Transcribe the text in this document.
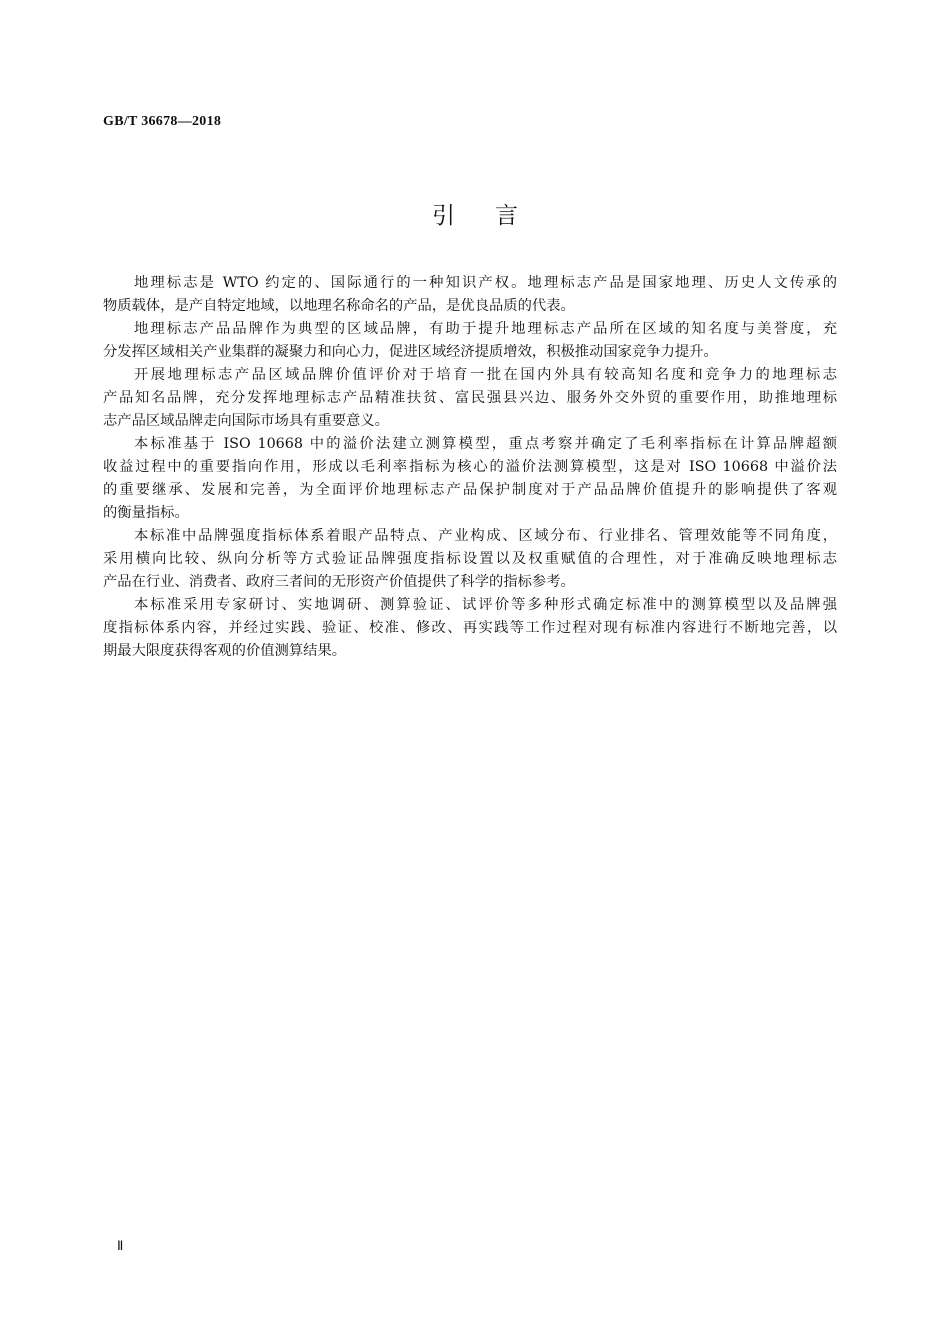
GB/T 36678—2018
引 言
地理标志是 WTO 约定的、国际通行的一种知识产权。地理标志产品是国家地理、历史人文传承的
物质载体，是产自特定地域，以地理名称命名的产品，是优良品质的代表。
地理标志产品品牌作为典型的区域品牌，有助于提升地理标志产品所在区域的知名度与美誉度，充
分发挥区域相关产业集群的凝聚力和向心力，促进区域经济提质增效，积极推动国家竞争力提升。
开展地理标志产品区域品牌价值评价对于培育一批在国内外具有较高知名度和竞争力的地理标志
产品知名品牌，充分发挥地理标志产品精准扶贫、富民强县兴边、服务外交外贸的重要作用，助推地理标
志产品区域品牌走向国际市场具有重要意义。
本标准基于 ISO 10668 中的溢价法建立测算模型，重点考察并确定了毛利率指标在计算品牌超额
收益过程中的重要指向作用，形成以毛利率指标为核心的溢价法测算模型，这是对 ISO 10668 中溢价法
的重要继承、发展和完善，为全面评价地理标志产品保护制度对于产品品牌价值提升的影响提供了客观
的衡量指标。
本标准中品牌强度指标体系着眼产品特点、产业构成、区域分布、行业排名、管理效能等不同角度，
采用横向比较、纵向分析等方式验证品牌强度指标设置以及权重赋值的合理性，对于准确反映地理标志
产品在行业、消费者、政府三者间的无形资产价值提供了科学的指标参考。
本标准采用专家研讨、实地调研、测算验证、试评价等多种形式确定标准中的测算模型以及品牌强
度指标体系内容，并经过实践、验证、校准、修改、再实践等工作过程对现有标准内容进行不断地完善，以
期最大限度获得客观的价值测算结果。
Ⅱ
